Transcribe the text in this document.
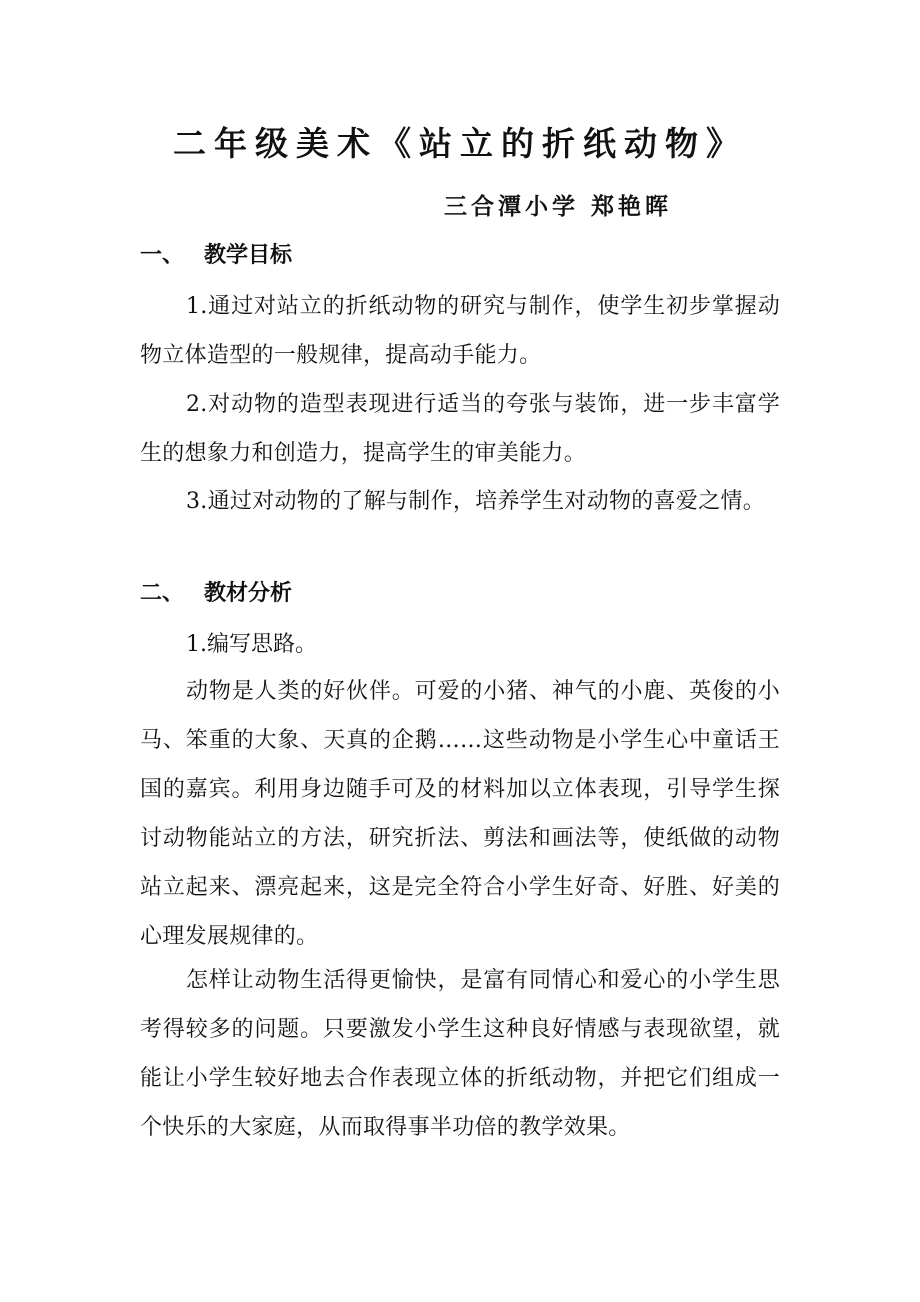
二年级美术《站立的折纸动物》
三合潭小学 郑艳晖
一、 教学目标

1.通过对站立的折纸动物的研究与制作，使学生初步掌握动物立体造型的一般规律，提高动手能力。

2.对动物的造型表现进行适当的夸张与装饰，进一步丰富学生的想象力和创造力，提高学生的审美能力。

3.通过对动物的了解与制作，培养学生对动物的喜爱之情。

二、 教材分析
1.编写思路。

动物是人类的好伙伴。可爱的小猪、神气的小鹿、英俊的小马、笨重的大象、天真的企鹅……这些动物是小学生心中童话王国的嘉宾。利用身边随手可及的材料加以立体表现，引导学生探讨动物能站立的方法，研究折法、剪法和画法等，使纸做的动物站立起来、漂亮起来，这是完全符合小学生好奇、好胜、好美的心理发展规律的。

怎样让动物生活得更愉快，是富有同情心和爱心的小学生思考得较多的问题。只要激发小学生这种良好情感与表现欲望，就能让小学生较好地去合作表现立体的折纸动物，并把它们组成一个快乐的大家庭，从而取得事半功倍的教学效果。
